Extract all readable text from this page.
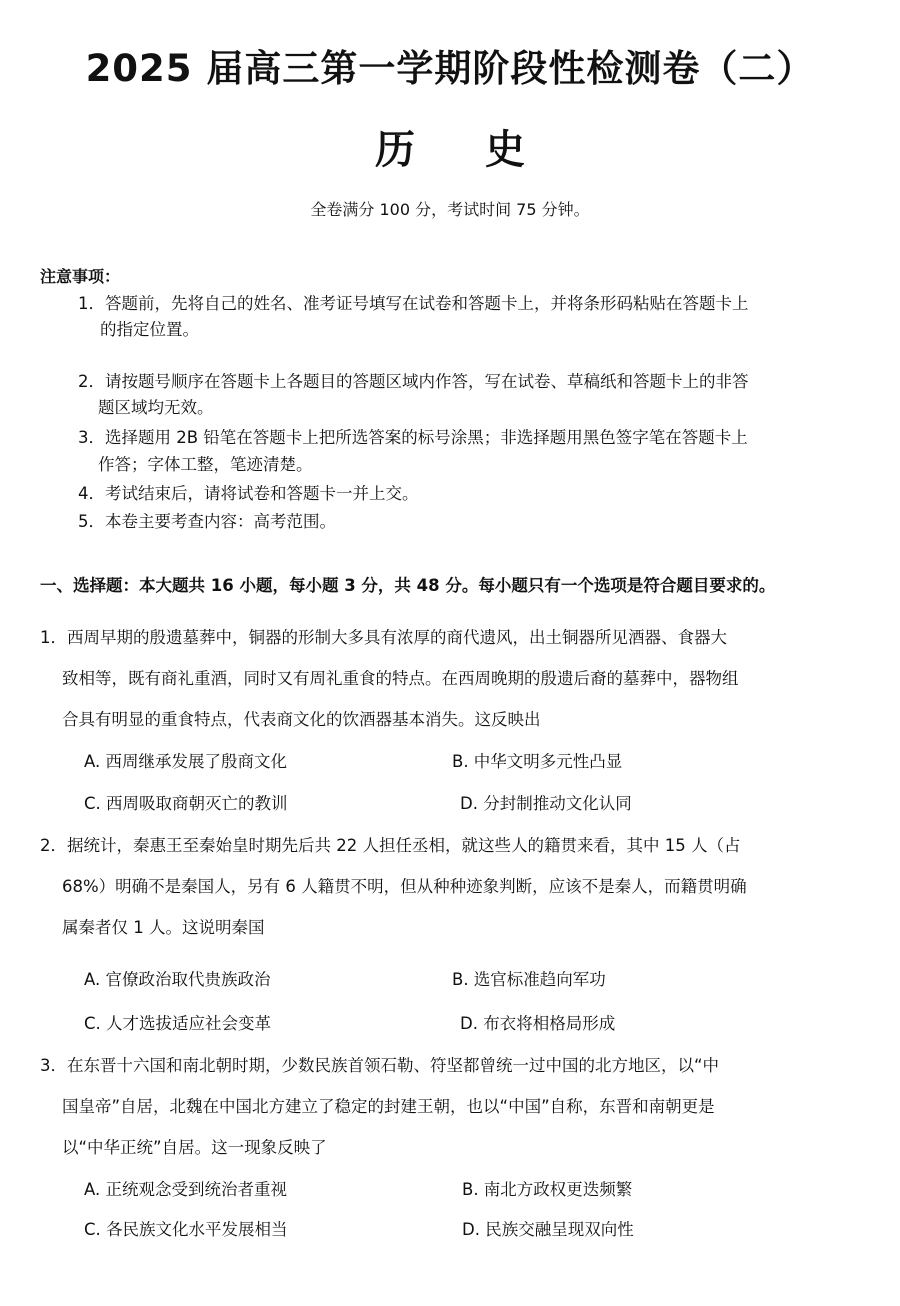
2025 届高三第一学期阶段性检测卷（二）
历史
全卷满分 100 分，考试时间 75 分钟。
注意事项：
1．答题前，先将自己的姓名、准考证号填写在试卷和答题卡上，并将条形码粘贴在答题卡上
的指定位置。
2．请按题号顺序在答题卡上各题目的答题区域内作答，写在试卷、草稿纸和答题卡上的非答
题区域均无效。
3．选择题用 2B 铅笔在答题卡上把所选答案的标号涂黑；非选择题用黑色签字笔在答题卡上
作答；字体工整，笔迹清楚。
4．考试结束后，请将试卷和答题卡一并上交。
5．本卷主要考查内容：高考范围。
一、选择题：本大题共 16 小题，每小题 3 分，共 48 分。每小题只有一个选项是符合题目要求的。
1．西周早期的殷遗墓葬中，铜器的形制大多具有浓厚的商代遗风，出土铜器所见酒器、食器大
致相等，既有商礼重酒，同时又有周礼重食的特点。在西周晚期的殷遗后裔的墓葬中，器物组
合具有明显的重食特点，代表商文化的饮酒器基本消失。这反映出
A. 西周继承发展了殷商文化	B. 中华文明多元性凸显
C. 西周吸取商朝灭亡的教训	D. 分封制推动文化认同
2．据统计，秦惠王至秦始皇时期先后共 22 人担任丞相，就这些人的籍贯来看，其中 15 人（占
68%）明确不是秦国人，另有 6 人籍贯不明，但从种种迹象判断，应该不是秦人，而籍贯明确
属秦者仅 1 人。这说明秦国
A. 官僚政治取代贵族政治	B. 选官标准趋向军功
C. 人才选拔适应社会变革	D. 布衣将相格局形成
3．在东晋十六国和南北朝时期，少数民族首领石勒、符坚都曾统一过中国的北方地区，以“中
国皇帝”自居，北魏在中国北方建立了稳定的封建王朝，也以“中国”自称，东晋和南朝更是
以“中华正统”自居。这一现象反映了
A. 正统观念受到统治者重视	B. 南北方政权更迭频繁
C. 各民族文化水平发展相当	D. 民族交融呈现双向性
